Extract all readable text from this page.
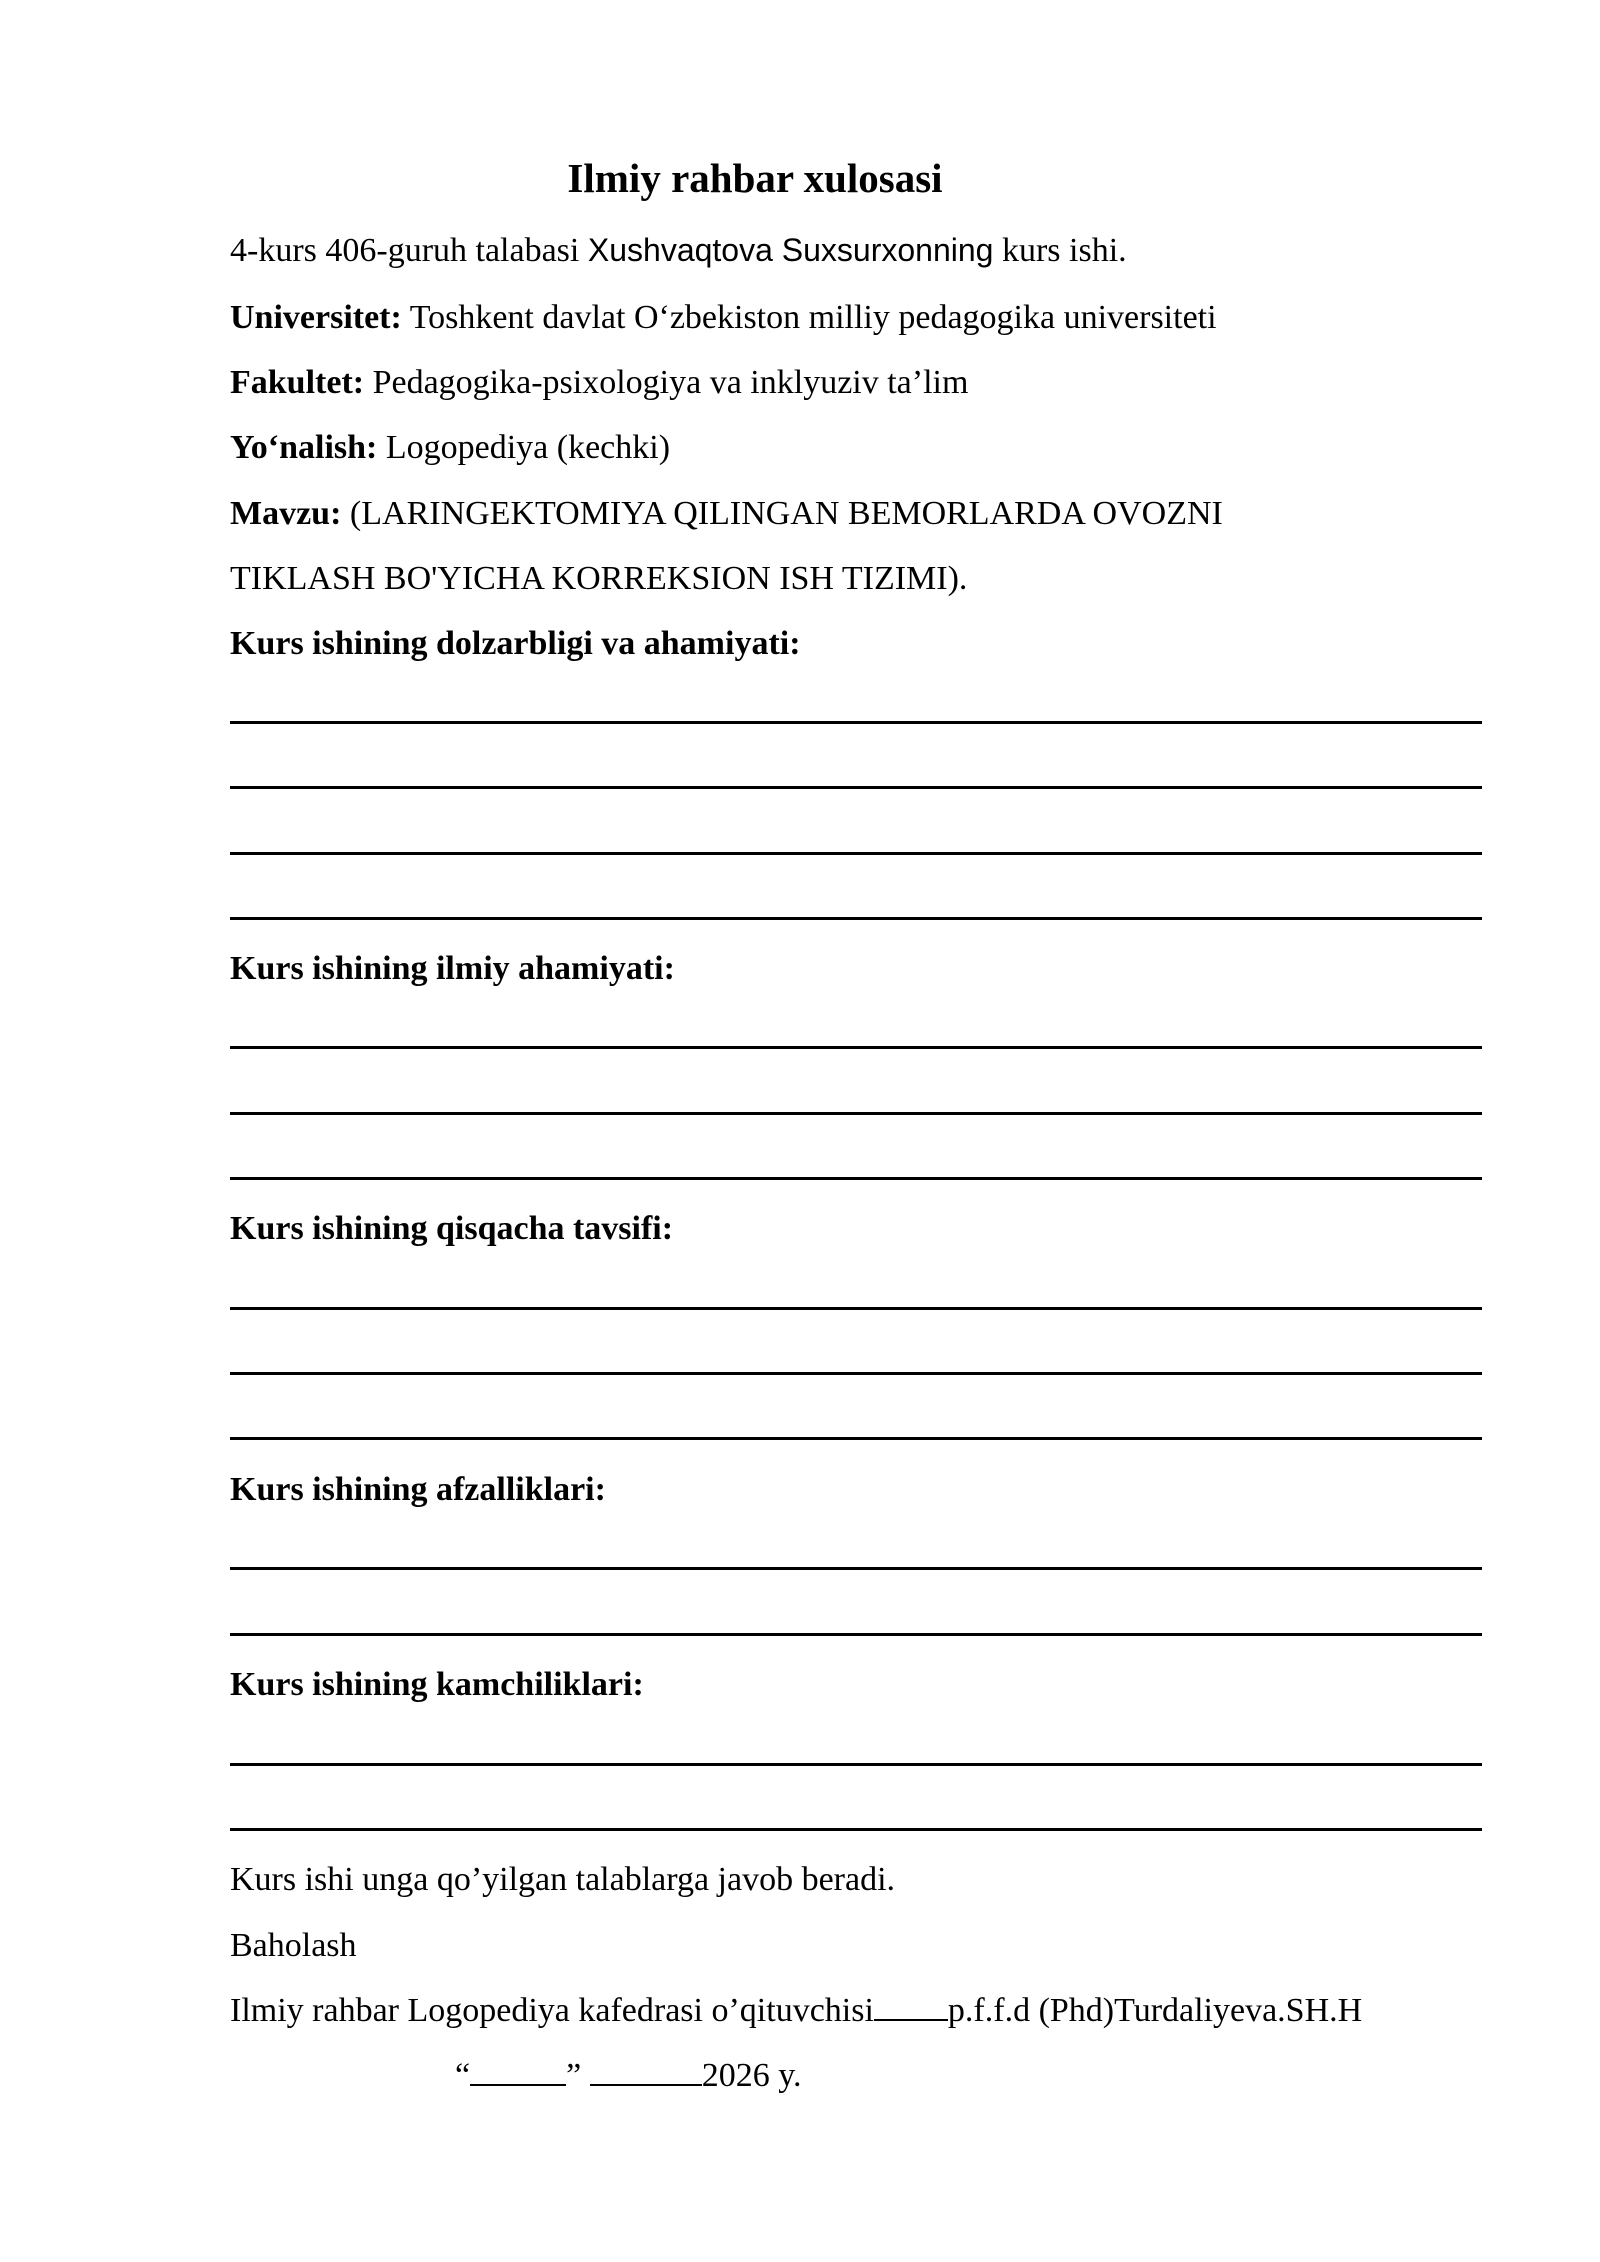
Ilmiy rahbar xulosasi
4-kurs 406-guruh talabasi Xushvaqtova Suxsurxonning kurs ishi.
Universitet: Toshkent davlat O‘zbekiston milliy pedagogika universiteti
Fakultet: Pedagogika-psixologiya va inklyuziv ta’lim
Yo‘nalish: Logopediya (kechki)
Mavzu: (LARINGEKTOMIYA QILINGAN BEMORLARDA OVOZNI
TIKLASH BO'YICHA KORREKSION ISH TIZIMI).
Kurs ishining dolzarbligi va ahamiyati:
Kurs ishining ilmiy ahamiyati:
Kurs ishining qisqacha tavsifi:
Kurs ishining afzalliklari:
Kurs ishining kamchiliklari:
Kurs ishi unga qo’yilgan talablarga javob beradi.
Baholash
Ilmiy rahbar Logopediya kafedrasi o’qituvchisi p.f.f.d (Phd)Turdaliyeva.SH.H
“	”	2026 y.
